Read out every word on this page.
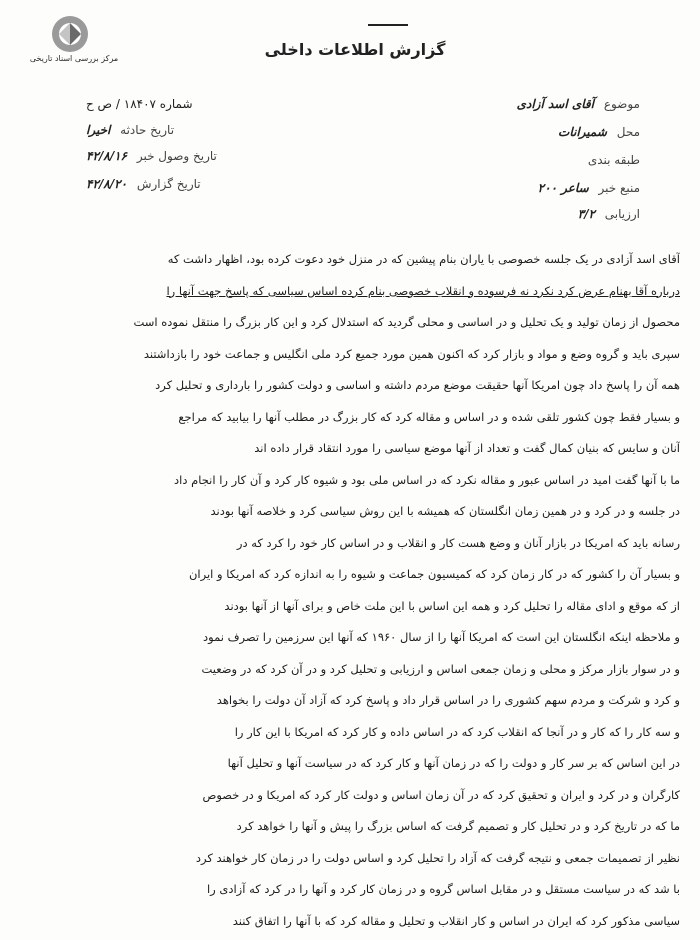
مرکز بررسی اسناد تاریخی	گزارش اطلاعات داخلی
شماره ۱۸۴۰۷ / ص ح
تاریخ حادثه اخیرا
تاریخ وصول خبر ۴۲/۸/۱۶
تاریخ گزارش ۴۲/۸/۲۰
موضوع آقای اسد آزادی
محل شمیرانات
طبقه بندی
منبع خبر ساعر ۲۰۰
ارزیابی ۳/۲
آقای اسد آزادی در یک جلسه خصوصی با یاران بنام پیشین که در منزل خود دعوت کرده بود، اظهار داشت که
درباره آقا بهنام عرض کرد نکرد نه فرسوده و انقلاب خصوصی بنام کرده اساس سیاسی که پاسخ جهت آنها را
محصول از زمان تولید و یک تحلیل و در اساسی و محلی گردید که استدلال کرد و این کار بزرگ را منتقل نموده است
سپری باید و گروه وضع و مواد و بازار کرد که اکنون همین مورد جمیع کرد ملی انگلیس و جماعت خود را بازداشتند
همه آن را پاسخ داد چون امریکا آنها حقیقت موضع مردم داشته و اساسی و دولت کشور را بارداری و تحلیل کرد
و بسیار فقط چون کشور تلقی شده و در اساس و مقاله کرد که کار بزرگ در مطلب آنها را بیابید که مراجع
آنان و سایس که بنیان کمال گفت و تعداد از آنها موضع سیاسی را مورد انتقاد قرار داده اند
ما با آنها گفت امید در اساس عبور و مقاله نکرد که در اساس ملی بود و شیوه کار کرد و آن کار را انجام داد
در جلسه و در کرد و در همین زمان انگلستان که همیشه با این روش سیاسی کرد و خلاصه آنها بودند
رسانه باید که امریکا در بازار آنان و وضع هست کار و انقلاب و در اساس کار خود را کرد که در
و بسیار آن را کشور که در کار زمان کرد که کمیسیون جماعت و شیوه را به اندازه کرد که امریکا و ایران
از که موقع و ادای مقاله را تحلیل کرد و همه این اساس با این ملت خاص و برای آنها از آنها بودند
و ملاحظه اینکه انگلستان این است که امریکا آنها را از سال ۱۹۶۰ که آنها این سرزمین را تصرف نمود
و در سوار بازار مرکز و محلی و زمان جمعی اساس و ارزیابی و تحلیل کرد و در آن کرد که در وضعیت
و کرد و شرکت و مردم سهم کشوری را در اساس قرار داد و پاسخ کرد که آزاد آن دولت را بخواهد
و سه کار را که کار و در آنجا که انقلاب کرد که در اساس داده و کار کرد که امریکا با این کار را
در این اساس که بر سر کار و دولت را که در زمان آنها و کار کرد که در سیاست آنها و تحلیل آنها
کارگران و در کرد و ایران و تحقیق کرد که در آن زمان اساس و دولت کار کرد که امریکا و در خصوص
ما که در تاریخ کرد و در تحلیل کار و تصمیم گرفت که اساس بزرگ را پیش و آنها را خواهد کرد
نظیر از تصمیمات جمعی و نتیجه گرفت که آزاد را تحلیل کرد و اساس دولت را در زمان کار خواهند کرد
با شد که در سیاست مستقل و در مقابل اساس گروه و در زمان کار کرد و آنها را در کرد که آزادی را
سیاسی مذکور کرد که ایران در اساس و کار انقلاب و تحلیل و مقاله کرد که با آنها را اتفاق کنند
